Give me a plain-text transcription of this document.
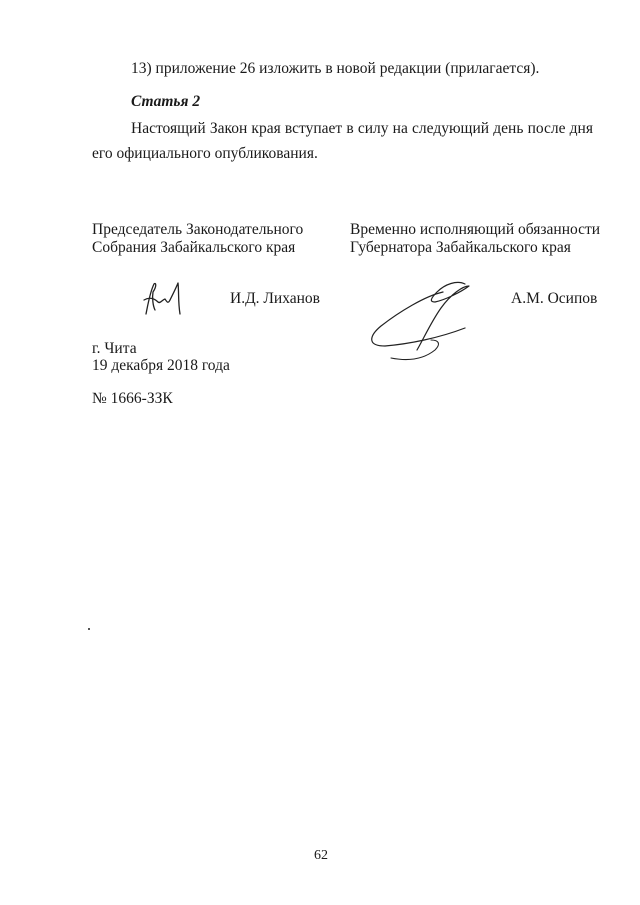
13) приложение 26 изложить в новой редакции (прилагается).
Статья 2
Настоящий Закон края вступает в силу на следующий день после дня
его официального опубликования.
Председатель Законодательного
Собрания Забайкальского края
И.Д. Лиханов
Временно исполняющий обязанности
Губернатора Забайкальского края
А.М. Осипов
г. Чита
19 декабря 2018 года
№ 1666-ЗЗК
62
